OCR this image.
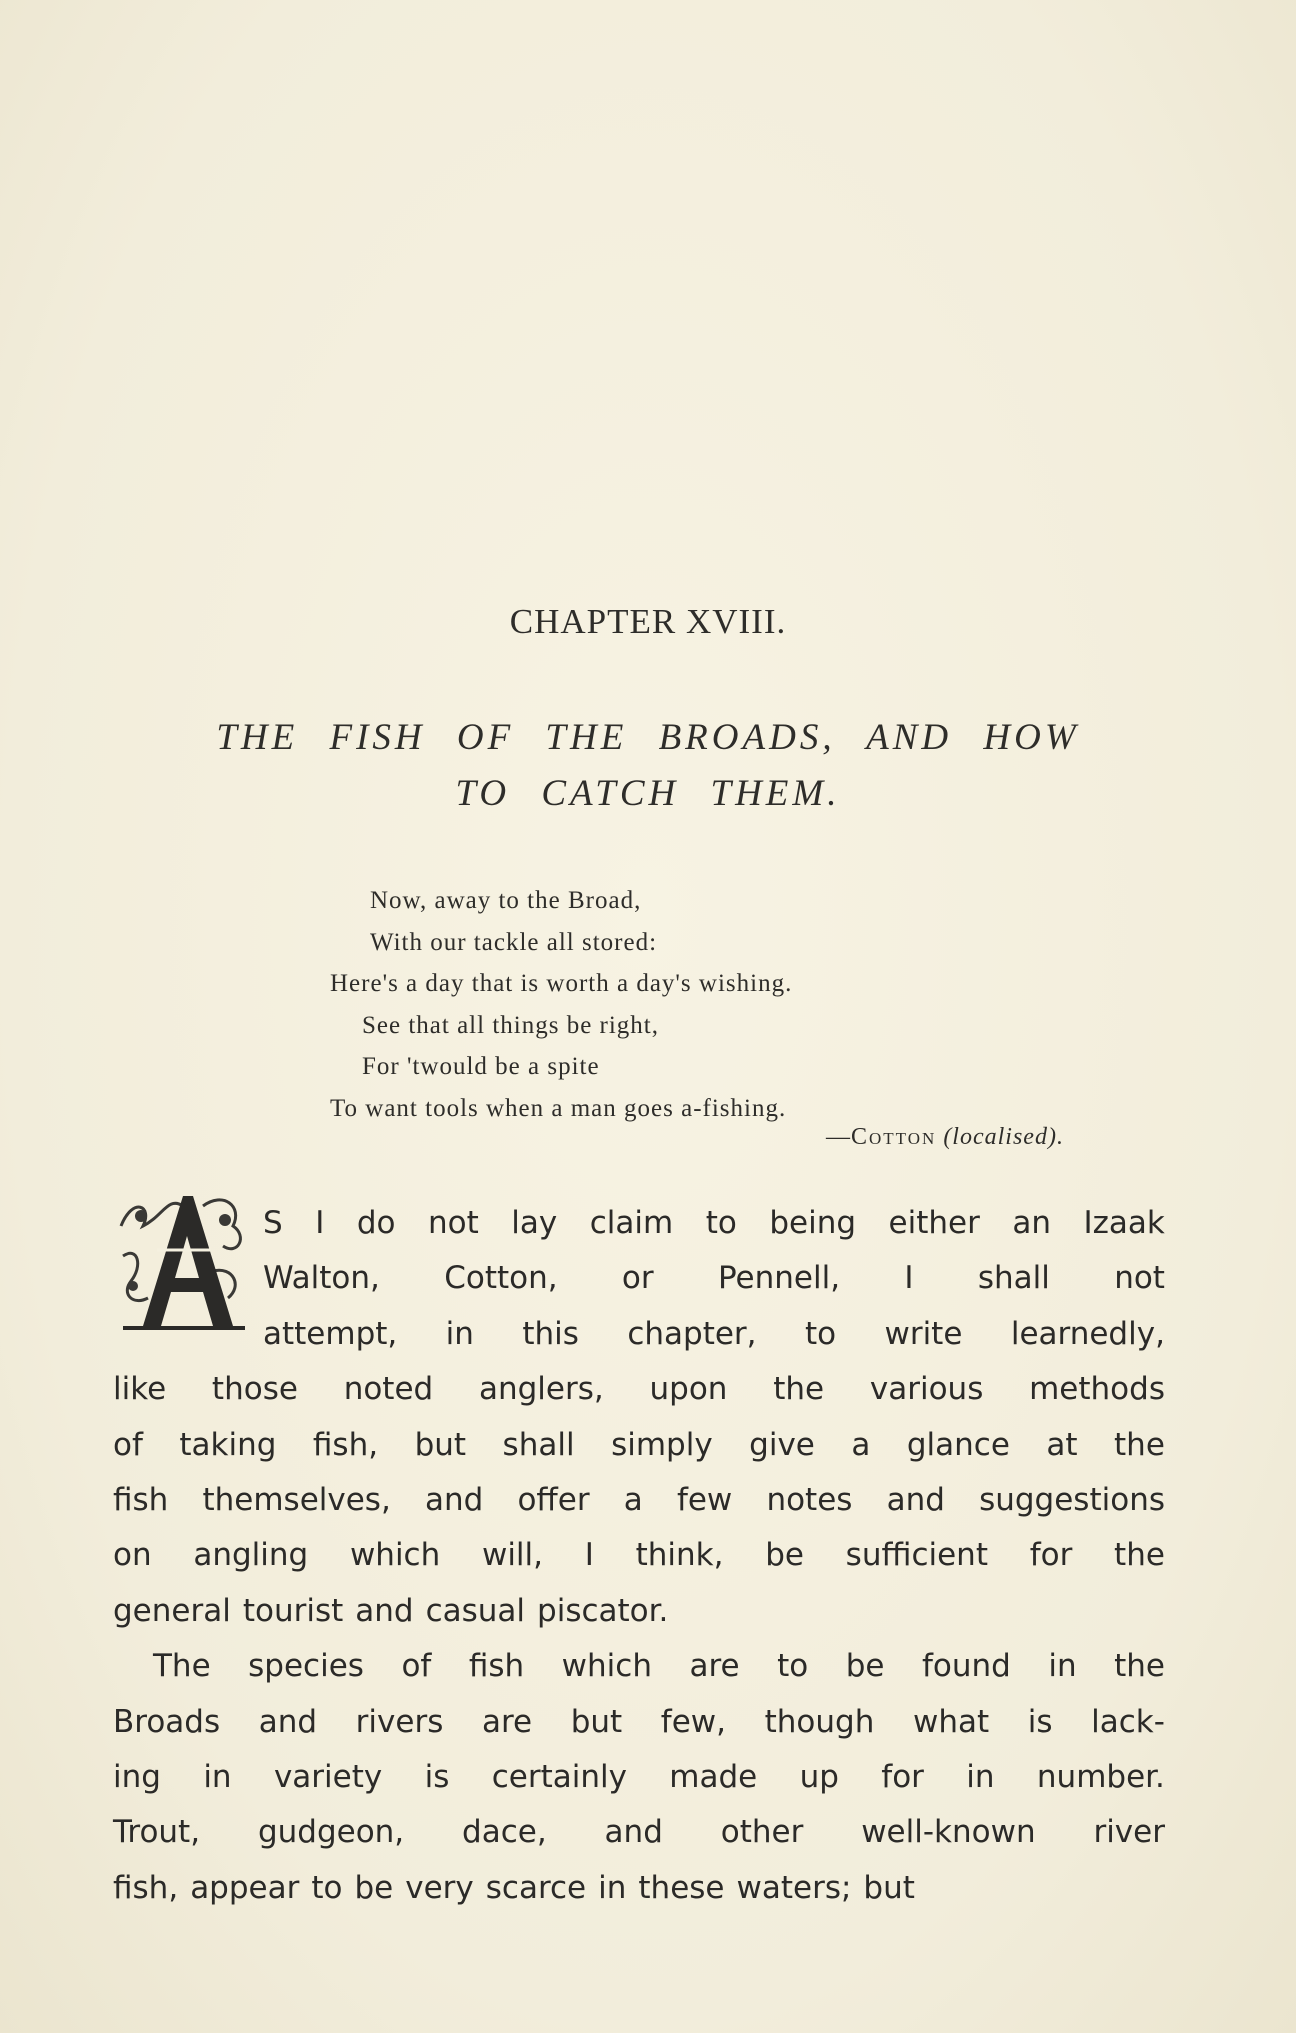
CHAPTER XVIII.
THE FISH OF THE BROADS, AND HOW
TO CATCH THEM.
Now, away to the Broad,
With our tackle all stored:
Here's a day that is worth a day's wishing.
See that all things be right,
For 'twould be a spite
To want tools when a man goes a-fishing.
—Cotton (localised).
A
S I do not lay claim to being either an Izaak
Walton, Cotton, or Pennell, I shall not
attempt, in this chapter, to write learnedly,
like those noted anglers, upon the various methods
of taking fish, but shall simply give a glance at the
fish themselves, and offer a few notes and suggestions
on angling which will, I think, be sufficient for the
general tourist and casual piscator.
The species of fish which are to be found in the
Broads and rivers are but few, though what is lack-
ing in variety is certainly made up for in number.
Trout, gudgeon, dace, and other well-known river
fish, appear to be very scarce in these waters; but
